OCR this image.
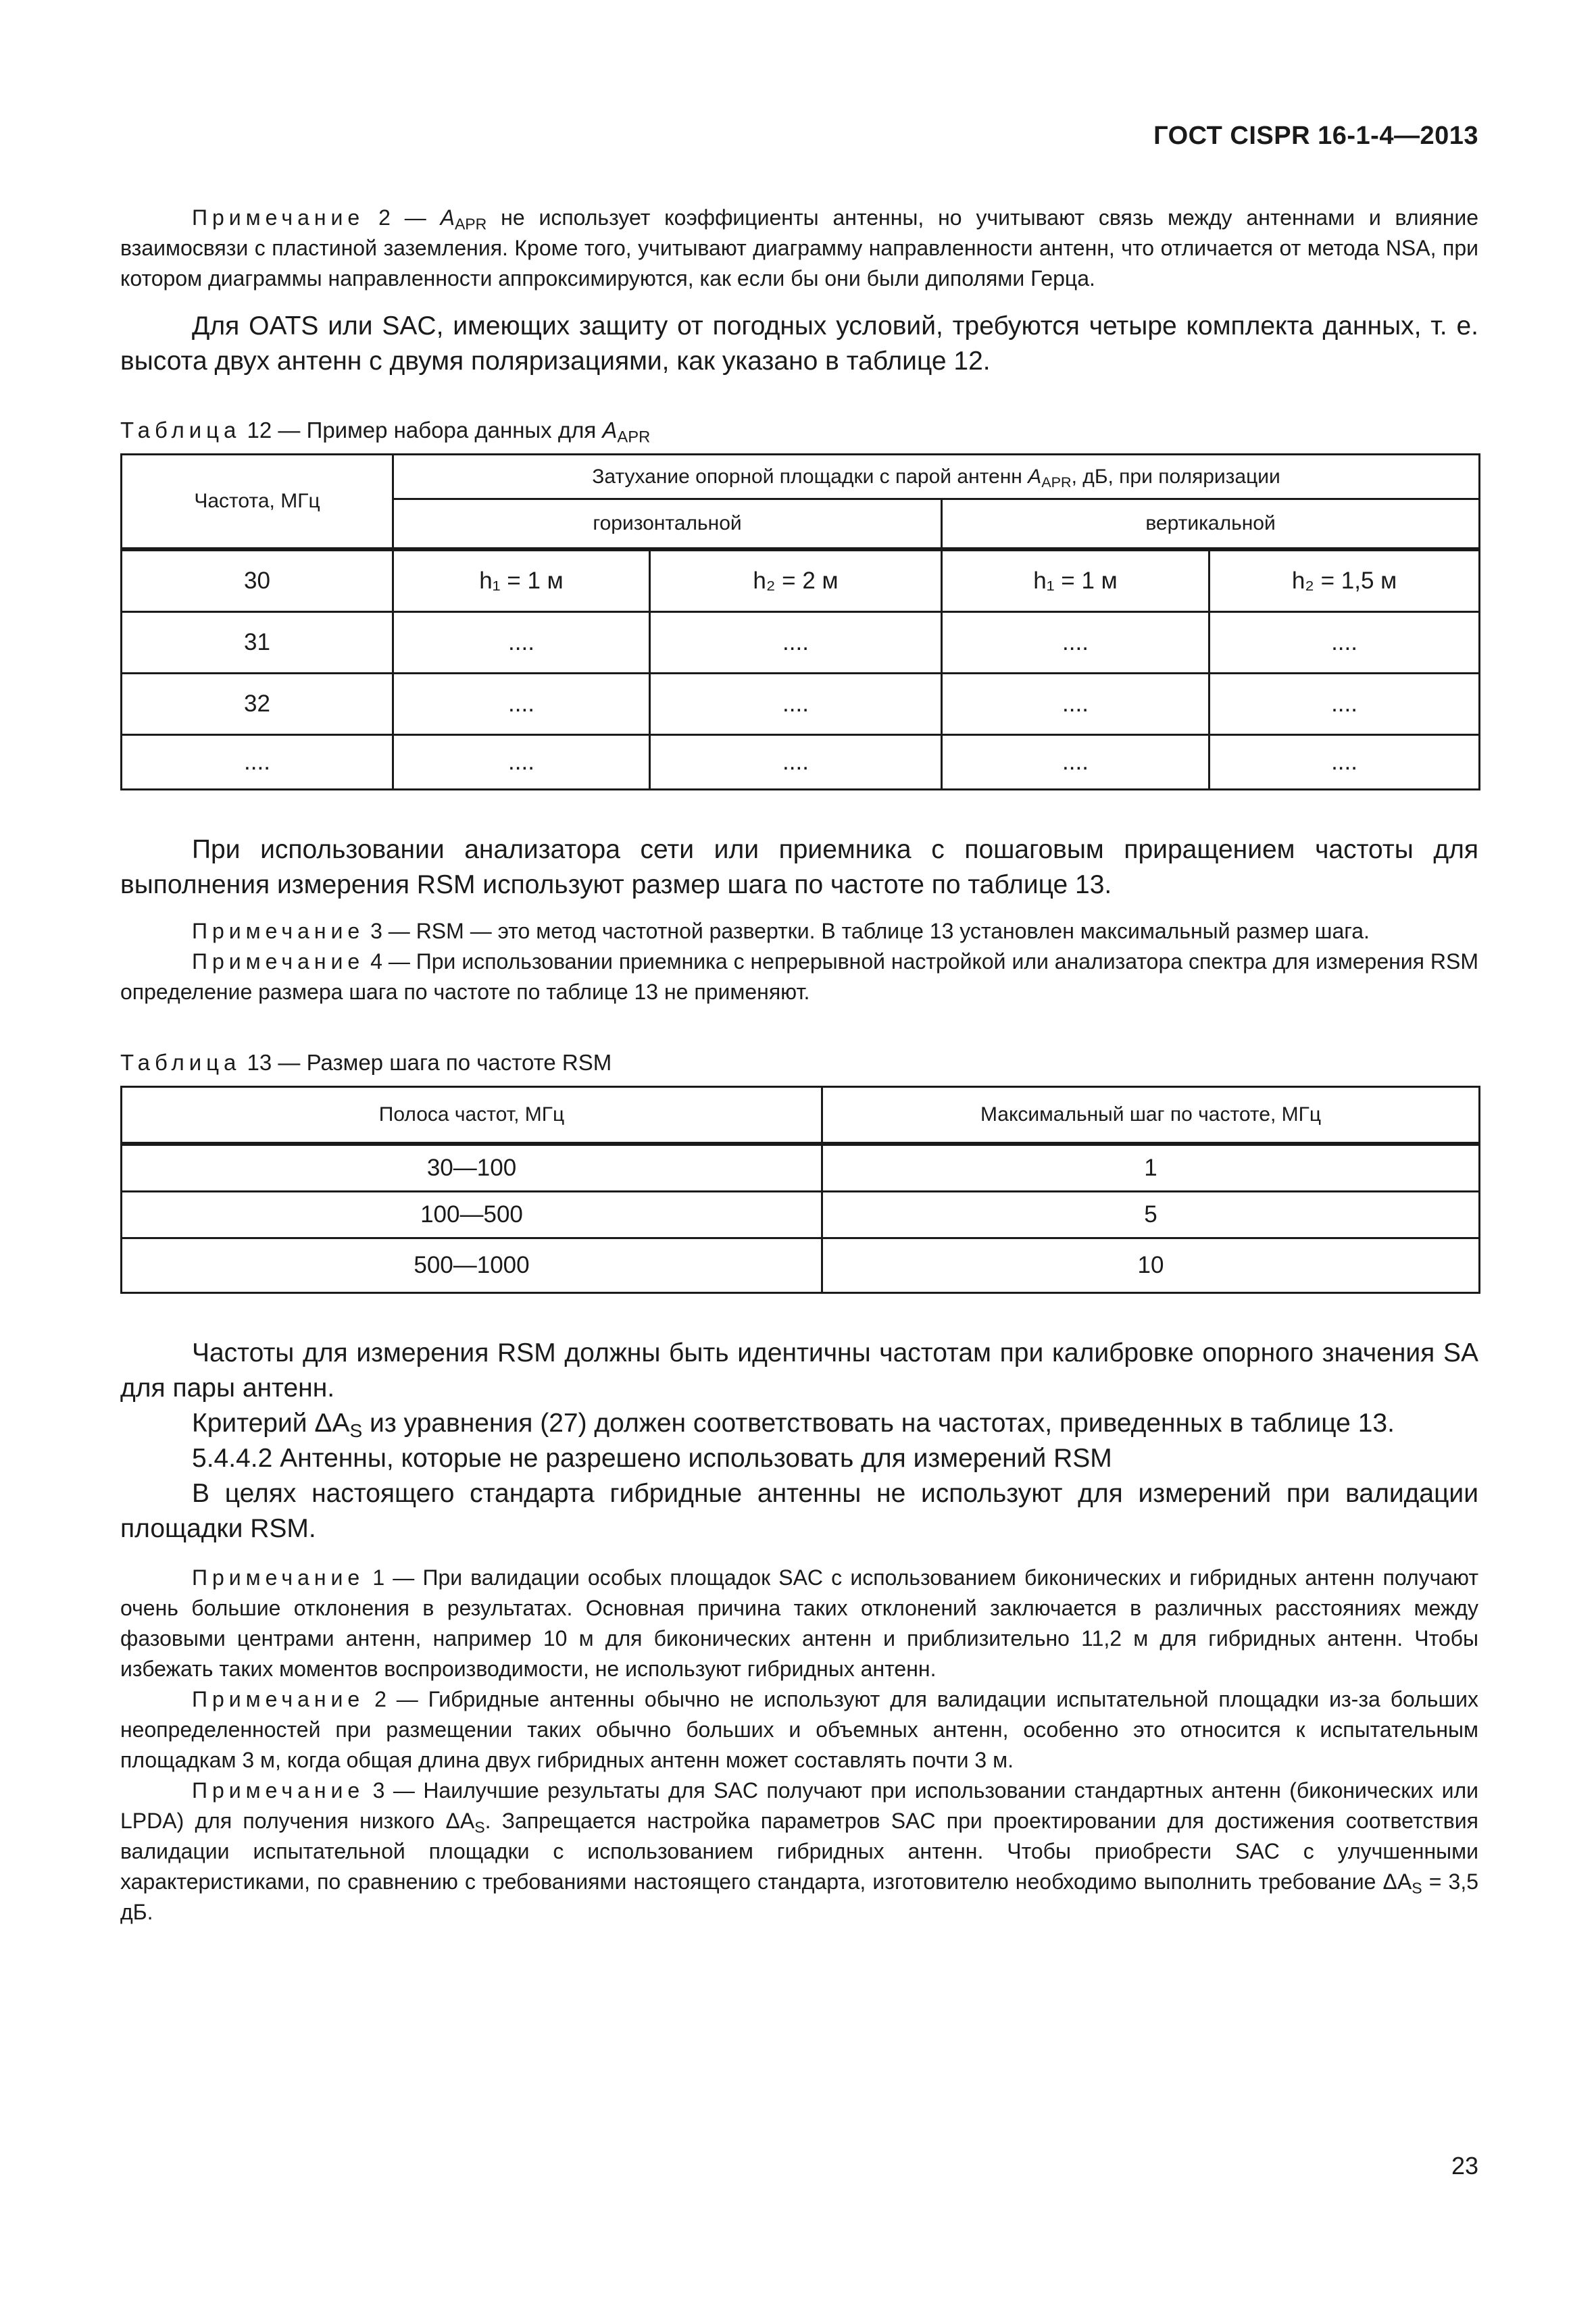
ГОСТ CISPR 16-1-4—2013

Примечание 2 — $A_{APR}$ не использует коэффициенты антенны, но учитывают связь между антеннами и влияние взаимосвязи с пластиной заземления. Кроме того, учитывают диаграмму направленности антенн, что отличается от метода NSA, при котором диаграммы направленности аппроксимируются, как если бы они были диполями Герца.

Для OATS или SAC, имеющих защиту от погодных условий, требуются четыре комплекта данных, т. е. высота двух антенн с двумя поляризациями, как указано в таблице 12.

Таблица 12 — Пример набора данных для $A_{APR}$

Частота, МГц	Затухание опорной площадки с парой антенн $A_{APR}$, дБ, при поляризации			
	горизонтальной		вертикальной	
30	h₁ = 1 м	h₂ = 2 м	h₁ = 1 м	h₂ = 1,5 м
31	....	....	....	....
32	....	....	....	....
....	....	....	....	....

При использовании анализатора сети или приемника с пошаговым приращением частоты для выполнения измерения RSM используют размер шага по частоте по таблице 13.

Примечание 3 — RSM — это метод частотной развертки. В таблице 13 установлен максимальный размер шага.

Примечание 4 — При использовании приемника с непрерывной настройкой или анализатора спектра для измерения RSM определение размера шага по частоте по таблице 13 не применяют.

Таблица 13 — Размер шага по частоте RSM

Полоса частот, МГц	Максимальный шаг по частоте, МГц
30—100	1
100—500	5
500—1000	10

Частоты для измерения RSM должны быть идентичны частотам при калибровке опорного значения SA для пары антенн.

Критерий $\Delta A_S$ из уравнения (27) должен соответствовать на частотах, приведенных в таблице 13.

5.4.4.2 Антенны, которые не разрешено использовать для измерений RSM

В целях настоящего стандарта гибридные антенны не используют для измерений при валидации площадки RSM.

Примечание 1 — При валидации особых площадок SAC с использованием биконических и гибридных антенн получают очень большие отклонения в результатах. Основная причина таких отклонений заключается в различных расстояниях между фазовыми центрами антенн, например 10 м для биконических антенн и приблизительно 11,2 м для гибридных антенн. Чтобы избежать таких моментов воспроизводимости, не используют гибридных антенн.

Примечание 2 — Гибридные антенны обычно не используют для валидации испытательной площадки из-за больших неопределенностей при размещении таких обычно больших и объемных антенн, особенно это относится к испытательным площадкам 3 м, когда общая длина двух гибридных антенн может составлять почти 3 м.

Примечание 3 — Наилучшие результаты для SAC получают при использовании стандартных антенн (биконических или LPDA) для получения низкого $\Delta A_S$. Запрещается настройка параметров SAC при проектировании для достижения соответствия валидации испытательной площадки с использованием гибридных антенн. Чтобы приобрести SAC с улучшенными характеристиками, по сравнению с требованиями настоящего стандарта, изготовителю необходимо выполнить требование $\Delta A_S = 3,5$ дБ.

23
